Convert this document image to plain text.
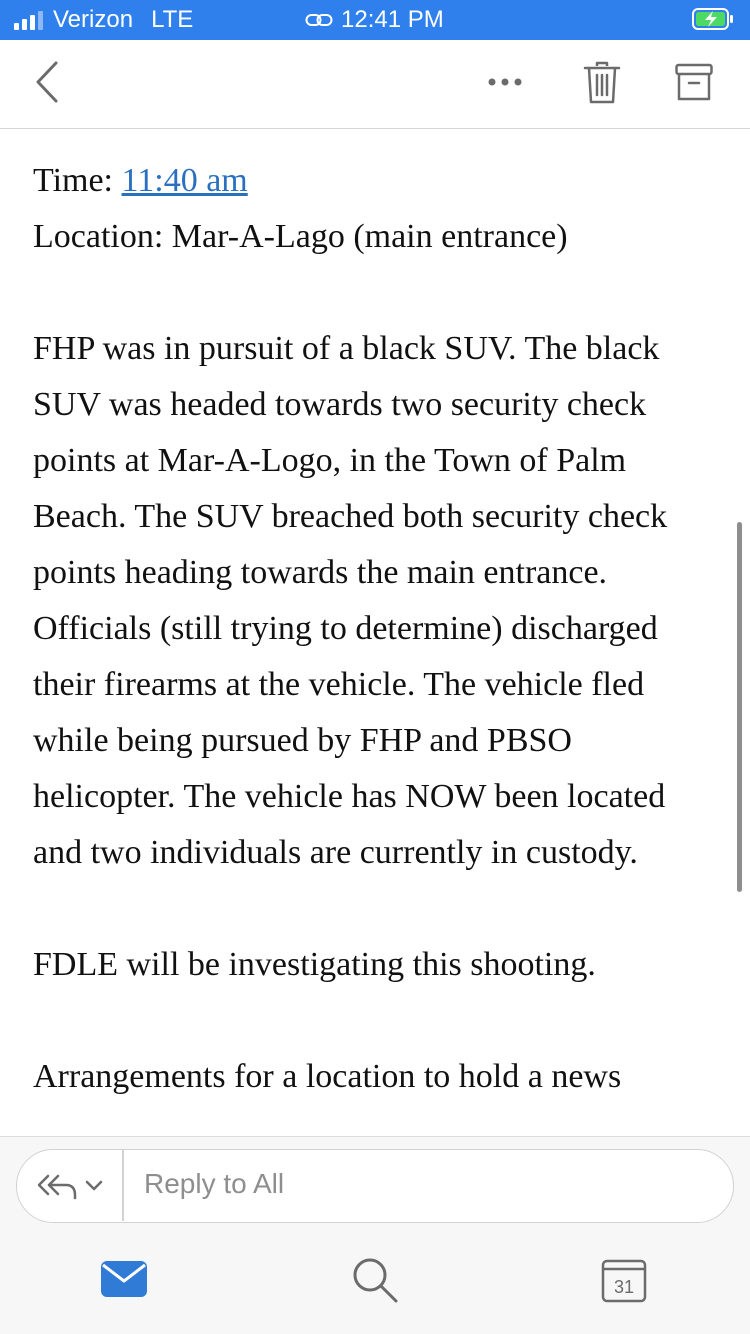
Verizon LTE	12:41 PM
Time: 11:40 am
Location: Mar-A-Lago (main entrance)

FHP was in pursuit of a black SUV. The black SUV was headed towards two security check points at Mar-A-Logo, in the Town of Palm Beach. The SUV breached both security check points heading towards the main entrance. Officials (still trying to determine) discharged their firearms at the vehicle. The vehicle fled while being pursued by FHP and PBSO helicopter. The vehicle has NOW been located and two individuals are currently in custody.

FDLE will be investigating this shooting.

Arrangements for a location to hold a news

Reply to All
31
